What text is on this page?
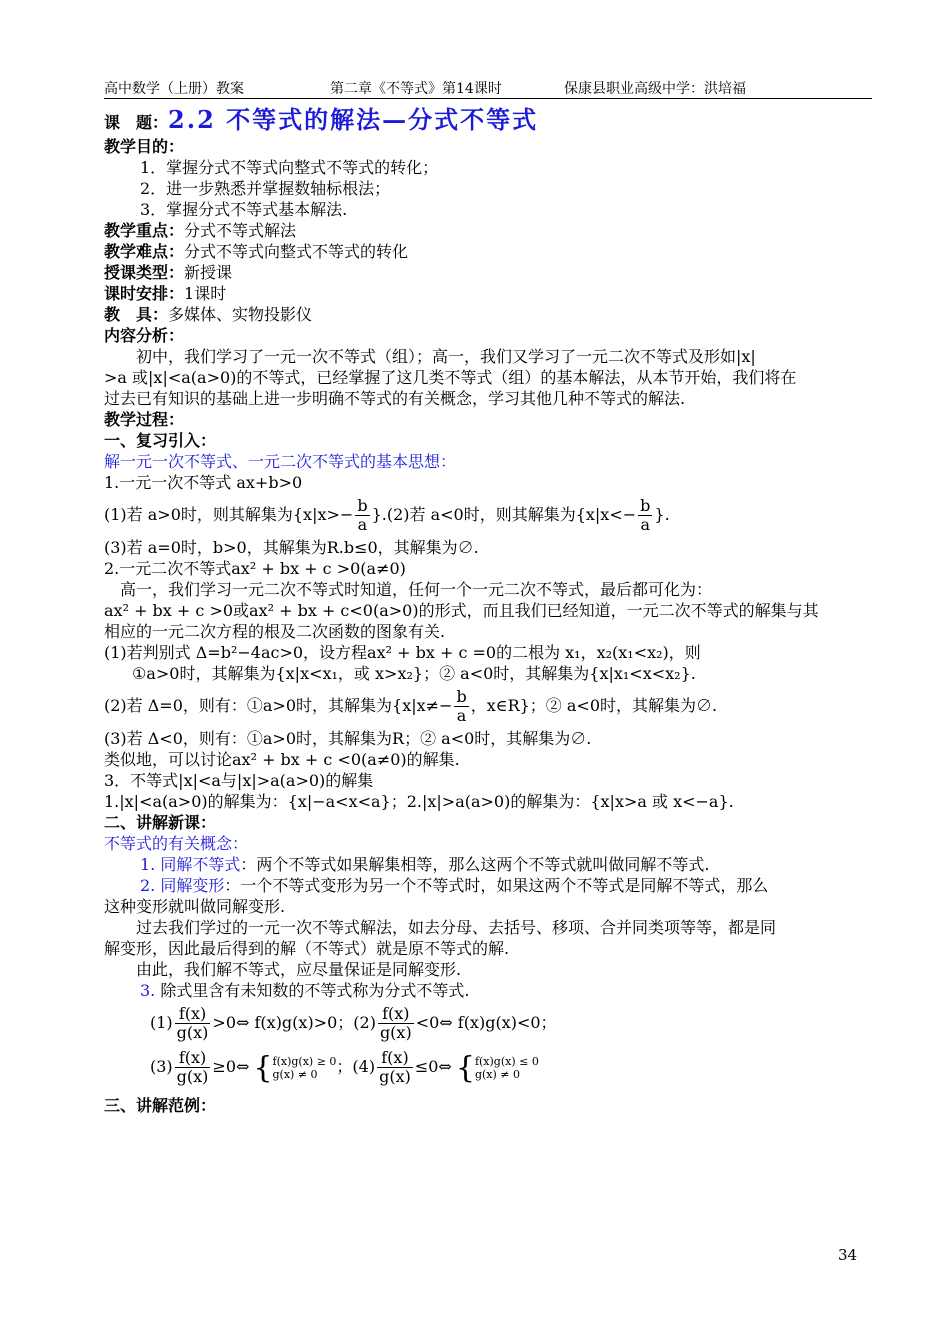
高中数学（上册）教案	第二章《不等式》第14课时	保康县职业高级中学：洪培福
课　题：2.2 不等式的解法—分式不等式
教学目的：
1．掌握分式不等式向整式不等式的转化；
2．进一步熟悉并掌握数轴标根法；
3．掌握分式不等式基本解法.
教学重点：分式不等式解法
教学难点：分式不等式向整式不等式的转化
授课类型：新授课
课时安排：1课时
教　具：多媒体、实物投影仪
内容分析：
　　初中，我们学习了一元一次不等式（组）；高一，我们又学习了一元二次不等式及形如|x|
>a 或|x|<a(a>0)的不等式，已经掌握了这几类不等式（组）的基本解法，从本节开始，我们将在
过去已有知识的基础上进一步明确不等式的有关概念，学习其他几种不等式的解法.
教学过程：
一、复习引入：
解一元一次不等式、一元二次不等式的基本思想：
1.一元一次不等式 ax+b>0
(1)若 a>0时，则其解集为$\{x|x>- \frac{b}{a} \}.(2)$若 a<0时，则其解集为{$x|x<- \frac{b}{a}$ }.
(3)若 a=0时，b>0，其解集为R.b≤0，其解集为∅.
2.一元二次不等式ax² + bx + c >0(a≠0)
　高一，我们学习一元二次不等式时知道，任何一个一元二次不等式，最后都可化为：
ax² + bx + c >0或ax² + bx + c<0(a>0)的形式，而且我们已经知道，一元二次不等式的解集与其
相应的一元二次方程的根及二次函数的图象有关.
(1)若判别式 Δ=b²−4ac>0，设方程ax² + bx + c =0的二根为 x₁，x₂(x₁<x₂)，则
①a>0时，其解集为{x|x<x₁，或 x>x₂}；② a<0时，其解集为{x|x₁<x<x₂}.
(2)若 Δ=0，则有：①a>0时，其解集为{$x|x\ne- \frac{b}{a}$ ，x∈R}；② a<0时，其解集为∅.
(3)若 Δ<0，则有：①a>0时，其解集为R；② a<0时，其解集为∅.
类似地，可以讨论ax² + bx + c <0(a≠0)的解集.
3．不等式|x|<a与|x|>a(a>0)的解集
1.|x|<a(a>0)的解集为：{x|−a<x<a}；2.|x|>a(a>0)的解集为：{x|x>a 或 x<−a}.
二、讲解新课：
不等式的有关概念：
1. 同解不等式：两个不等式如果解集相等，那么这两个不等式就叫做同解不等式.
2. 同解变形：一个不等式变形为另一个不等式时，如果这两个不等式是同解不等式，那么
这种变形就叫做同解变形.
　　过去我们学过的一元一次不等式解法，如去分母、去括号、移项、合并同类项等等，都是同
解变形，因此最后得到的解（不等式）就是原不等式的解.
　　由此，我们解不等式，应尽量保证是同解变形.
3. 除式里含有未知数的不等式称为分式不等式.
$(1) \frac{f(x)}{g(x)}$ >0⇔ f(x)g(x)>0；$(2) \frac{f(x)}{g(x)}$ <0⇔ f(x)g(x)<0；
$(3) \frac{f(x)}{g(x)}$ ≥0⇔ { f(x)g(x) ≥ 0
g(x) ≠ 0	；$(4) \frac{f(x)}{g(x)}$ ≤0⇔ { f(x)g(x) ≤ 0
g(x) ≠ 0
三、讲解范例：
34
